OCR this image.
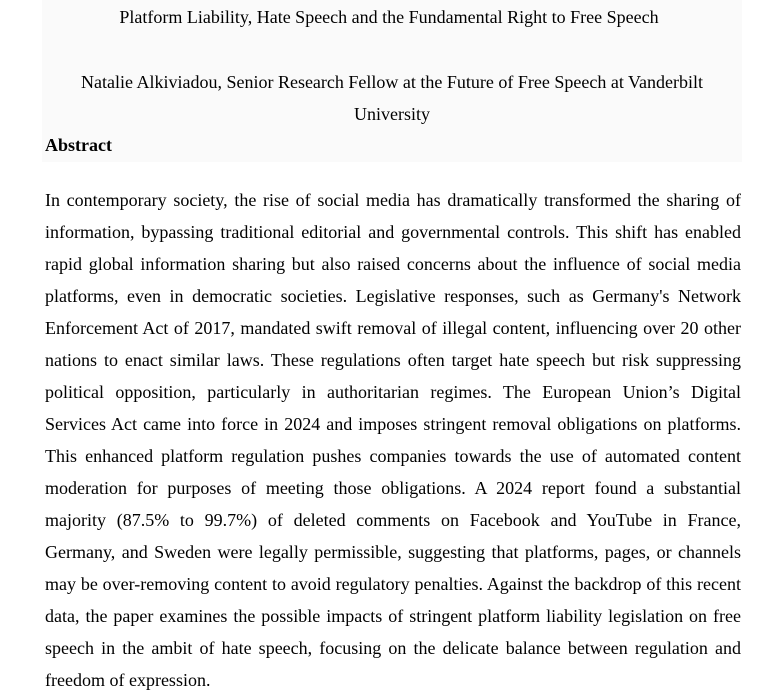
Platform Liability, Hate Speech and the Fundamental Right to Free Speech

Natalie Alkiviadou, Senior Research Fellow at the Future of Free Speech at Vanderbilt University

Abstract

In contemporary society, the rise of social media has dramatically transformed the sharing of information, bypassing traditional editorial and governmental controls. This shift has enabled rapid global information sharing but also raised concerns about the influence of social media platforms, even in democratic societies. Legislative responses, such as Germany's Network Enforcement Act of 2017, mandated swift removal of illegal content, influencing over 20 other nations to enact similar laws. These regulations often target hate speech but risk suppressing political opposition, particularly in authoritarian regimes. The European Union’s Digital Services Act came into force in 2024 and imposes stringent removal obligations on platforms. This enhanced platform regulation pushes companies towards the use of automated content moderation for purposes of meeting those obligations. A 2024 report found a substantial majority (87.5% to 99.7%) of deleted comments on Facebook and YouTube in France, Germany, and Sweden were legally permissible, suggesting that platforms, pages, or channels may be over-removing content to avoid regulatory penalties. Against the backdrop of this recent data, the paper examines the possible impacts of stringent platform liability legislation on free speech in the ambit of hate speech, focusing on the delicate balance between regulation and freedom of expression.
